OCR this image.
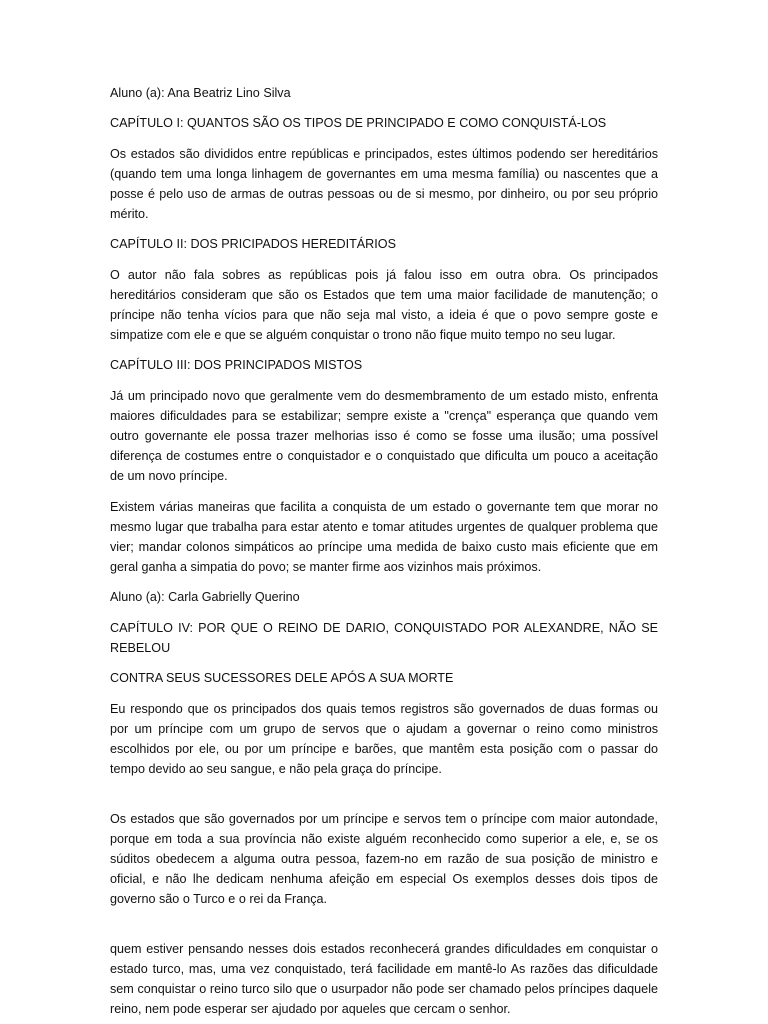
Aluno (a): Ana Beatriz Lino Silva

CAPÍTULO I: QUANTOS SÃO OS TIPOS DE PRINCIPADO E COMO CONQUISTÁ-LOS

Os estados são divididos entre repúblicas e principados, estes últimos podendo ser hereditários (quando tem uma longa linhagem de governantes em uma mesma família) ou nascentes que a posse é pelo uso de armas de outras pessoas ou de si mesmo, por dinheiro, ou por seu próprio mérito.

CAPÍTULO II: DOS PRICIPADOS HEREDITÁRIOS

O autor não fala sobres as repúblicas pois já falou isso em outra obra. Os principados hereditários consideram que são os Estados que tem uma maior facilidade de manutenção; o príncipe não tenha vícios para que não seja mal visto, a ideia é que o povo sempre goste e simpatize com ele e que se alguém conquistar o trono não fique muito tempo no seu lugar.

CAPÍTULO III: DOS PRINCIPADOS MISTOS

Já um principado novo que geralmente vem do desmembramento de um estado misto, enfrenta maiores dificuldades para se estabilizar; sempre existe a "crença" esperança que quando vem outro governante ele possa trazer melhorias isso é como se fosse uma ilusão; uma possível diferença de costumes entre o conquistador e o conquistado que dificulta um pouco a aceitação de um novo príncipe.

Existem várias maneiras que facilita a conquista de um estado o governante tem que morar no mesmo lugar que trabalha para estar atento e tomar atitudes urgentes de qualquer problema que vier; mandar colonos simpáticos ao príncipe uma medida de baixo custo mais eficiente que em geral ganha a simpatia do povo; se manter firme aos vizinhos mais próximos.

Aluno (a): Carla Gabrielly Querino

CAPÍTULO IV: POR QUE O REINO DE DARIO, CONQUISTADO POR ALEXANDRE, NÃO SE REBELOU

CONTRA SEUS SUCESSORES DELE APÓS A SUA MORTE

Eu respondo que os principados dos quais temos registros são governados de duas formas ou por um príncipe com um grupo de servos que o ajudam a governar o reino como ministros escolhidos por ele, ou por um príncipe e barões, que mantêm esta posição com o passar do tempo devido ao seu sangue, e não pela graça do príncipe.

Os estados que são governados por um príncipe e servos tem o príncipe com maior autondade, porque em toda a sua província não existe alguém reconhecido como superior a ele, e, se os súditos obedecem a alguma outra pessoa, fazem-no em razão de sua posição de ministro e oficial, e não lhe dedicam nenhuma afeição em especial Os exemplos desses dois tipos de governo são o Turco e o rei da França.

quem estiver pensando nesses dois estados reconhecerá grandes dificuldades em conquistar o estado turco, mas, uma vez conquistado, terá facilidade em mantê-lo As razões das dificuldade sem conquistar o reino turco silo que o usurpador não pode ser chamado pelos príncipes daquele reino, nem pode esperar ser ajudado por aqueles que cercam o senhor.
